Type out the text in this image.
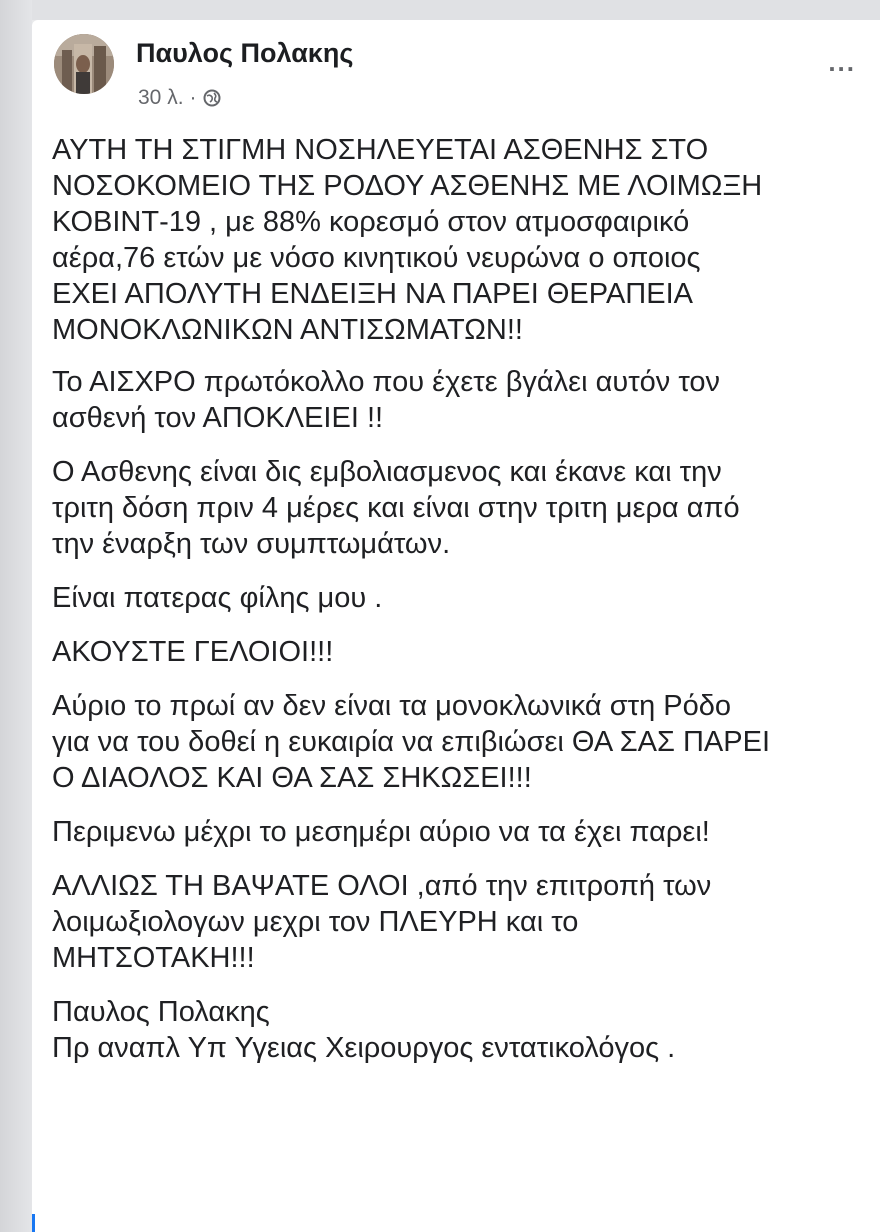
Παυλος Πολακης
30 λ. ·
...

ΑΥΤΗ ΤΗ ΣΤΙΓΜΗ ΝΟΣΗΛΕΥΕΤΑΙ ΑΣΘΕΝΗΣ ΣΤΟ
ΝΟΣΟΚΟΜΕΙΟ ΤΗΣ ΡΟΔΟΥ ΑΣΘΕΝΗΣ ΜΕ ΛΟΙΜΩΞΗ
ΚΟΒΙΝΤ-19 , με 88% κορεσμό στον ατμοσφαιρικό
αέρα,76 ετών με νόσο κινητικού νευρώνα ο οποιος
ΕΧΕΙ ΑΠΟΛΥΤΗ ΕΝΔΕΙΞΗ ΝΑ ΠΑΡΕΙ ΘΕΡΑΠΕΙΑ
ΜΟΝΟΚΛΩΝΙΚΩΝ ΑΝΤΙΣΩΜΑΤΩΝ!!

Το ΑΙΣΧΡΟ πρωτόκολλο που έχετε βγάλει αυτόν τον
ασθενή τον ΑΠΟΚΛΕΙΕΙ !!

Ο Ασθενης είναι δις εμβολιασμενος και έκανε και την
τριτη δόση πριν 4 μέρες και είναι στην τριτη μερα από
την έναρξη των συμπτωμάτων.

Είναι πατερας φίλης μου .

ΑΚΟΥΣΤΕ ΓΕΛΟΙΟΙ!!!

Αύριο το πρωί αν δεν είναι τα μονοκλωνικά στη Ρόδο
για να του δοθεί η ευκαιρία να επιβιώσει ΘΑ ΣΑΣ ΠΑΡΕΙ
Ο ΔΙΑΟΛΟΣ ΚΑΙ ΘΑ ΣΑΣ ΣΗΚΩΣΕΙ!!!

Περιμενω μέχρι το μεσημέρι αύριο να τα έχει παρει!

ΑΛΛΙΩΣ ΤΗ ΒΑΨΑΤΕ ΟΛΟΙ ,από την επιτροπή των
λοιμωξιολογων μεχρι τον ΠΛΕΥΡΗ και το
ΜΗΤΣΟΤΑΚΗ!!!

Παυλος Πολακης

Πρ αναπλ Υπ Υγειας Χειρουργος εντατικολόγος .
